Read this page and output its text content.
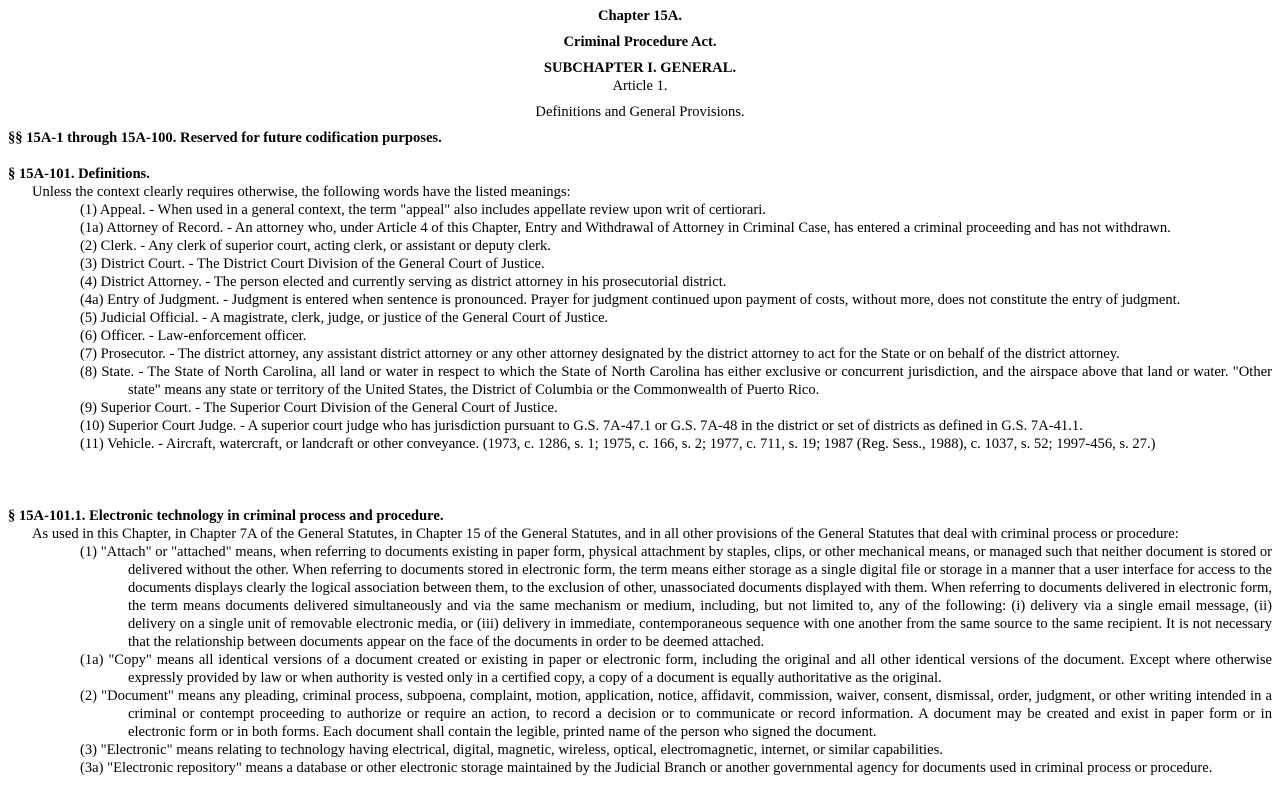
Chapter 15A.
Criminal Procedure Act.
SUBCHAPTER I. GENERAL.
Article 1.
Definitions and General Provisions.
§§ 15A-1 through 15A-100. Reserved for future codification purposes.

§ 15A-101. Definitions.

Unless the context clearly requires otherwise, the following words have the listed meanings:

(1) Appeal. - When used in a general context, the term "appeal" also includes appellate review upon writ of certiorari.
(1a) Attorney of Record. - An attorney who, under Article 4 of this Chapter, Entry and Withdrawal of Attorney in Criminal Case, has entered a criminal proceeding and has not withdrawn.
(2) Clerk. - Any clerk of superior court, acting clerk, or assistant or deputy clerk.
(3) District Court. - The District Court Division of the General Court of Justice.
(4) District Attorney. - The person elected and currently serving as district attorney in his prosecutorial district.
(4a) Entry of Judgment. - Judgment is entered when sentence is pronounced. Prayer for judgment continued upon payment of costs, without more, does not constitute the entry of judgment.
(5) Judicial Official. - A magistrate, clerk, judge, or justice of the General Court of Justice.
(6) Officer. - Law-enforcement officer.
(7) Prosecutor. - The district attorney, any assistant district attorney or any other attorney designated by the district attorney to act for the State or on behalf of the district attorney.
(8) State. - The State of North Carolina, all land or water in respect to which the State of North Carolina has either exclusive or concurrent jurisdiction, and the airspace above that land or water. "Other state" means any state or territory of the United States, the District of Columbia or the Commonwealth of Puerto Rico.
(9) Superior Court. - The Superior Court Division of the General Court of Justice.
(10) Superior Court Judge. - A superior court judge who has jurisdiction pursuant to G.S. 7A-47.1 or G.S. 7A-48 in the district or set of districts as defined in G.S. 7A-41.1.
(11) Vehicle. - Aircraft, watercraft, or landcraft or other conveyance. (1973, c. 1286, s. 1; 1975, c. 166, s. 2; 1977, c. 711, s. 19; 1987 (Reg. Sess., 1988), c. 1037, s. 52; 1997-456, s. 27.)

§ 15A-101.1. Electronic technology in criminal process and procedure.

As used in this Chapter, in Chapter 7A of the General Statutes, in Chapter 15 of the General Statutes, and in all other provisions of the General Statutes that deal with criminal process or procedure:

(1) "Attach" or "attached" means, when referring to documents existing in paper form, physical attachment by staples, clips, or other mechanical means, or managed such that neither document is stored or delivered without the other. When referring to documents stored in electronic form, the term means either storage as a single digital file or storage in a manner that a user interface for access to the documents displays clearly the logical association between them, to the exclusion of other, unassociated documents displayed with them. When referring to documents delivered in electronic form, the term means documents delivered simultaneously and via the same mechanism or medium, including, but not limited to, any of the following: (i) delivery via a single email message, (ii) delivery on a single unit of removable electronic media, or (iii) delivery in immediate, contemporaneous sequence with one another from the same source to the same recipient. It is not necessary that the relationship between documents appear on the face of the documents in order to be deemed attached.
(1a) "Copy" means all identical versions of a document created or existing in paper or electronic form, including the original and all other identical versions of the document. Except where otherwise expressly provided by law or when authority is vested only in a certified copy, a copy of a document is equally authoritative as the original.
(2) "Document" means any pleading, criminal process, subpoena, complaint, motion, application, notice, affidavit, commission, waiver, consent, dismissal, order, judgment, or other writing intended in a criminal or contempt proceeding to authorize or require an action, to record a decision or to communicate or record information. A document may be created and exist in paper form or in electronic form or in both forms. Each document shall contain the legible, printed name of the person who signed the document.
(3) "Electronic" means relating to technology having electrical, digital, magnetic, wireless, optical, electromagnetic, internet, or similar capabilities.
(3a) "Electronic repository" means a database or other electronic storage maintained by the Judicial Branch or another governmental agency for documents used in criminal process or procedure.
